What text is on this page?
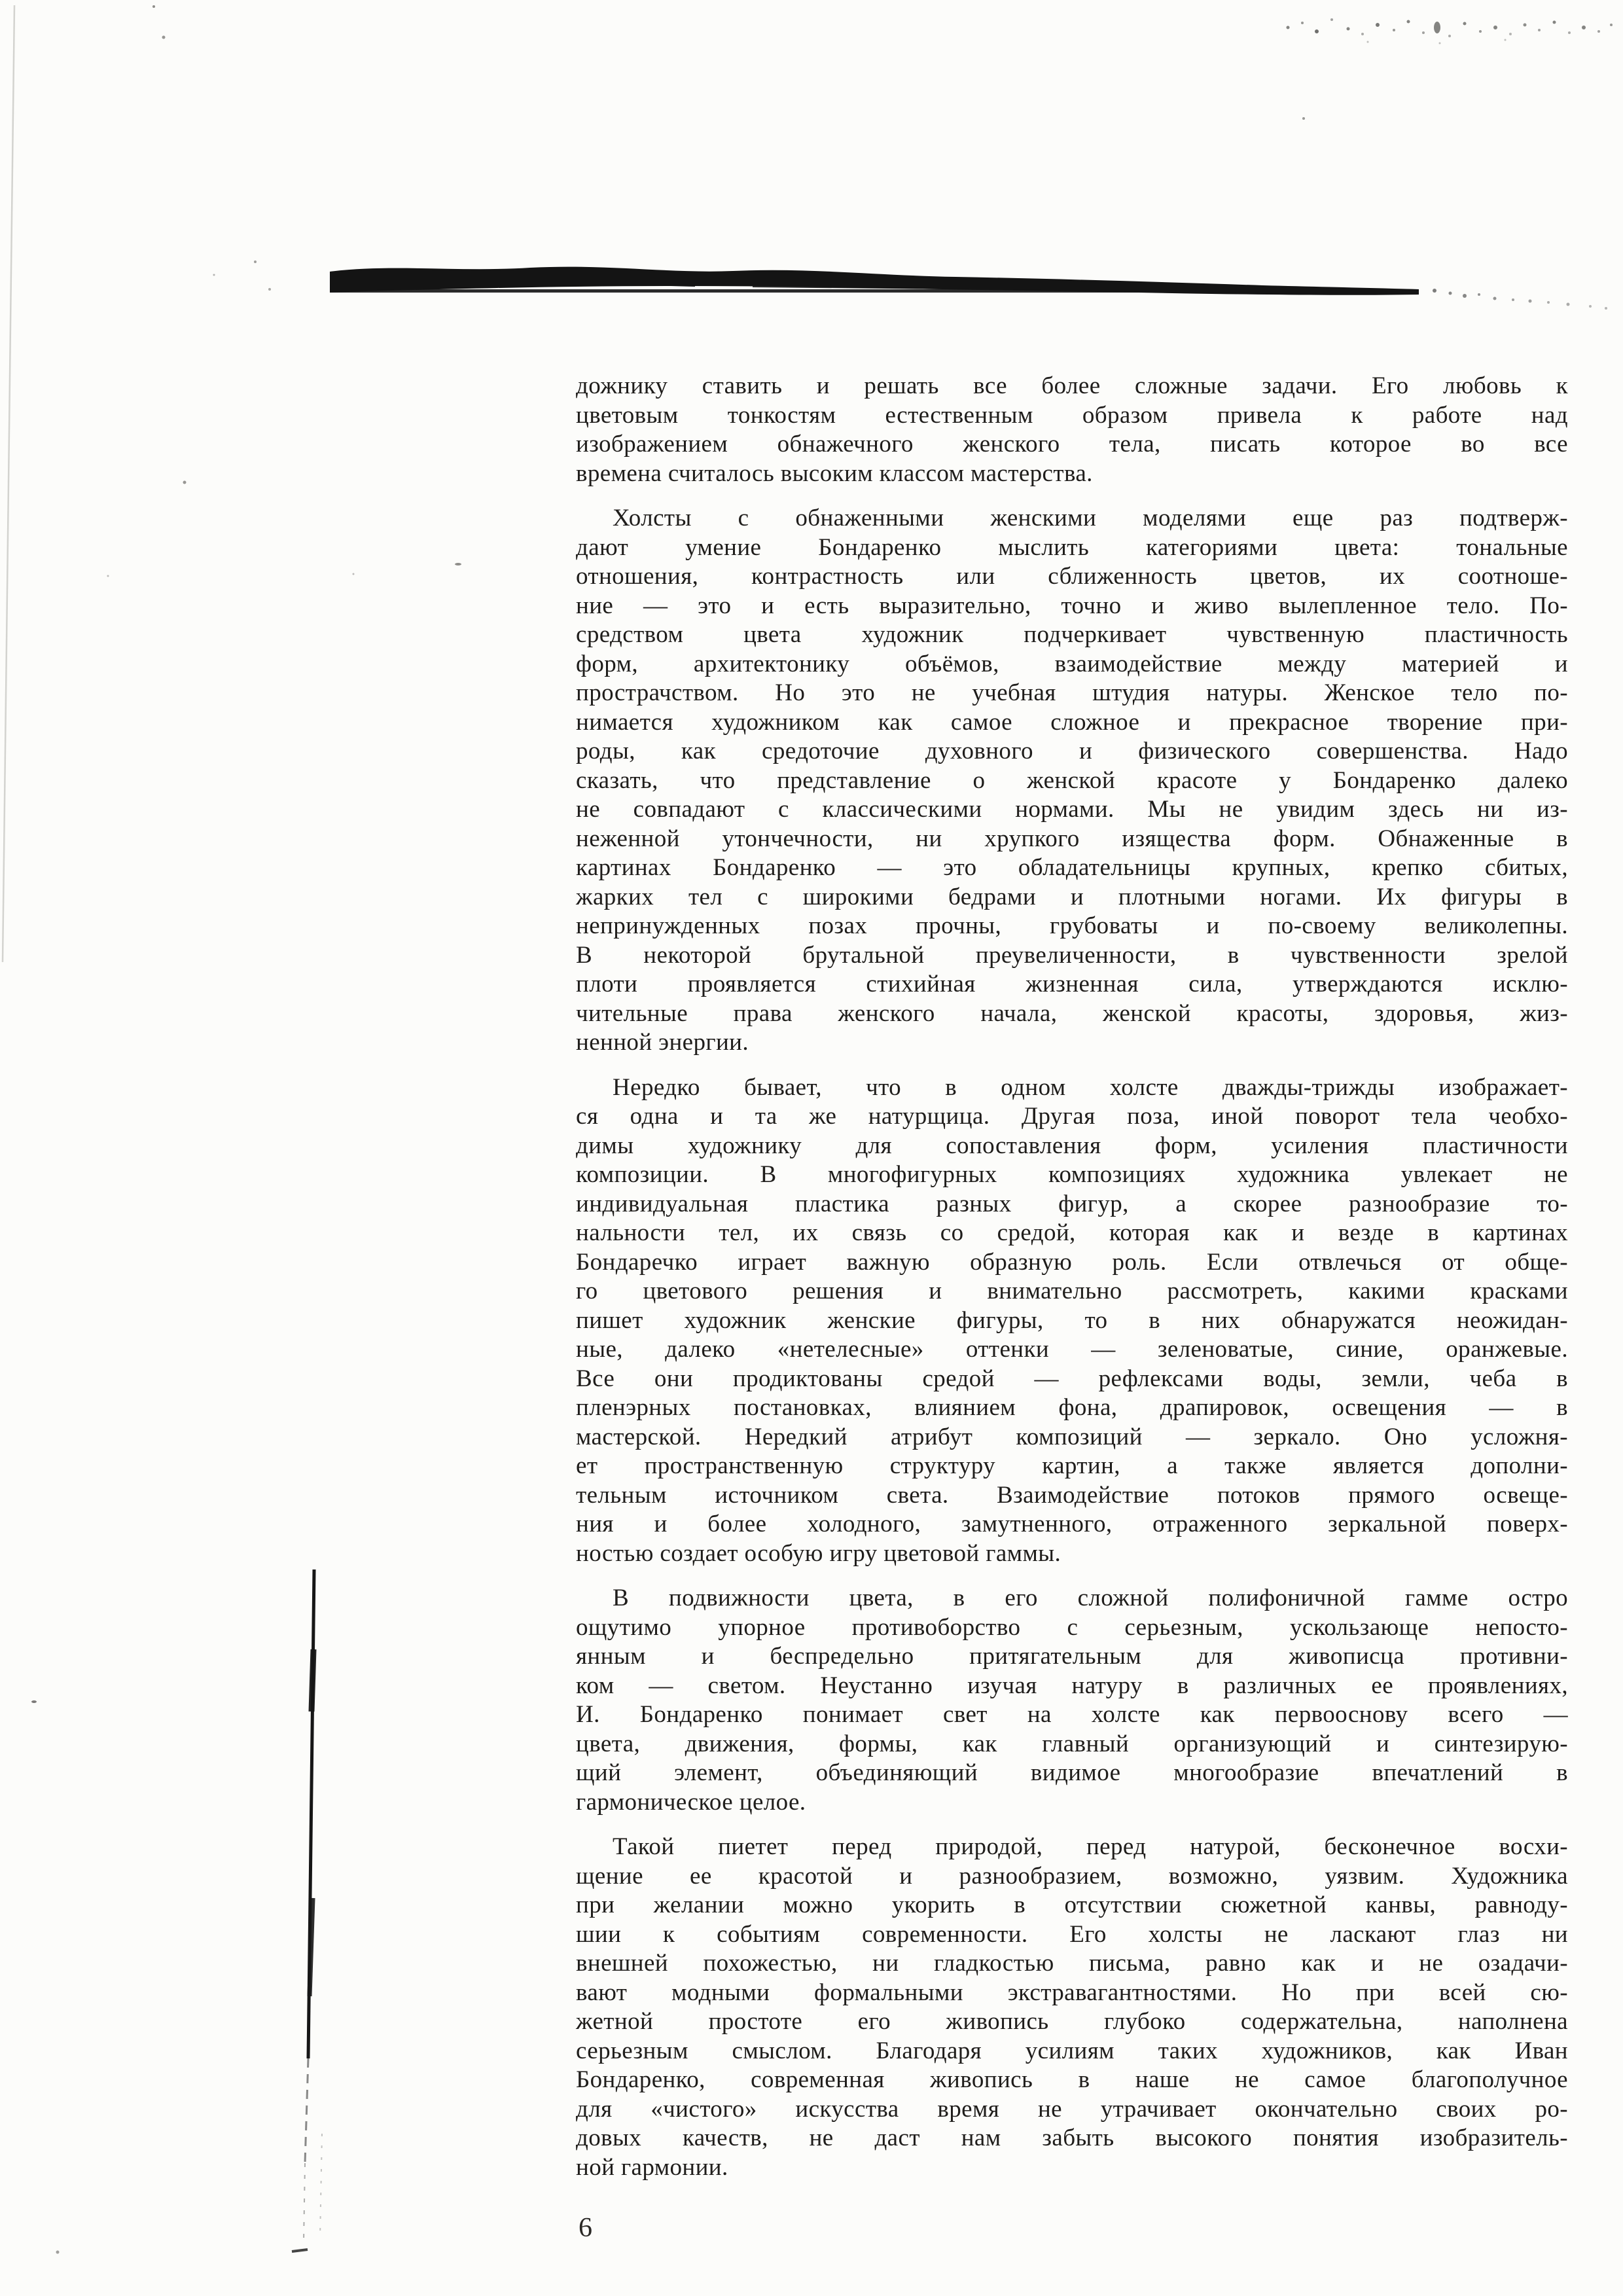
дожнику ставить и решать все более сложные задачи. Его любовь к
цветовым тонкостям естественным образом привела к работе над
изображением обнажечного женского тела, писать которое во все
времена считалось высоким классом мастерства.

Холсты с обнаженными женскими моделями еще раз подтверж-
дают умение Бондаренко мыслить категориями цвета: тональные
отношения, контрастность или сближенность цветов, их соотноше-
ние — это и есть выразительно, точно и живо вылепленное тело. По-
средством цвета художник подчеркивает чувственную пластичность
форм, архитектонику объёмов, взаимодействие между материей и
прострачством. Но это не учебная штудия натуры. Женское тело по-
нимается художником как самое сложное и прекрасное творение при-
роды, как средоточие духовного и физического совершенства. Надо
сказать, что представление о женской красоте у Бондаренко далеко
не совпадают с классическими нормами. Мы не увидим здесь ни из-
неженной утончечности, ни хрупкого изящества форм. Обнаженные в
картинах Бондаренко — это обладательницы крупных, крепко сбитых,
жарких тел с широкими бедрами и плотными ногами. Их фигуры в
непринужденных позах прочны, грубоваты и по-своему великолепны.
В некоторой брутальной преувеличенности, в чувственности зрелой
плоти проявляется стихийная жизненная сила, утверждаются исклю-
чительные права женского начала, женской красоты, здоровья, жиз-
ненной энергии.

Нередко бывает, что в одном холсте дважды-трижды изображает-
ся одна и та же натурщица. Другая поза, иной поворот тела чеобхо-
димы художнику для сопоставления форм, усиления пластичности
композиции. В многофигурных композициях художника увлекает не
индивидуальная пластика разных фигур, а скорее разнообразие то-
нальности тел, их связь со средой, которая как и везде в картинах
Бондаречко играет важную образную роль. Если отвлечься от обще-
го цветового решения и внимательно рассмотреть, какими красками
пишет художник женские фигуры, то в них обнаружатся неожидан-
ные, далеко «нетелесные» оттенки — зеленоватые, синие, оранжевые.
Все они продиктованы средой — рефлексами воды, земли, чеба в
пленэрных постановках, влиянием фона, драпировок, освещения — в
мастерской. Нередкий атрибут композиций — зеркало. Оно усложня-
ет пространственную структуру картин, а также является дополни-
тельным источником света. Взаимодействие потоков прямого освеще-
ния и более холодного, замутненного, отраженного зеркальной поверх-
ностью создает особую игру цветовой гаммы.

В подвижности цвета, в его сложной полифоничной гамме остро
ощутимо упорное противоборство с серьезным, ускользающе непосто-
янным и беспредельно притягательным для живописца противни-
ком — светом. Неустанно изучая натуру в различных ее проявлениях,
И. Бондаренко понимает свет на холсте как первооснову всего —
цвета, движения, формы, как главный организующий и синтезирую-
щий элемент, объединяющий видимое многообразие впечатлений в
гармоническое целое.

Такой пиетет перед природой, перед натурой, бесконечное восхи-
щение ее красотой и разнообразием, возможно, уязвим. Художника
при желании можно укорить в отсутствии сюжетной канвы, равноду-
шии к событиям современности. Его холсты не ласкают глаз ни
внешней похожестью, ни гладкостью письма, равно как и не озадачи-
вают модными формальными экстравагантностями. Но при всей сю-
жетной простоте его живопись глубоко содержательна, наполнена
серьезным смыслом. Благодаря усилиям таких художников, как Иван
Бондаренко, современная живопись в наше не самое благополучное
для «чистого» искусства время не утрачивает окончательно своих ро-
довых качеств, не даст нам забыть высокого понятия изобразитель-
ной гармонии.

6
